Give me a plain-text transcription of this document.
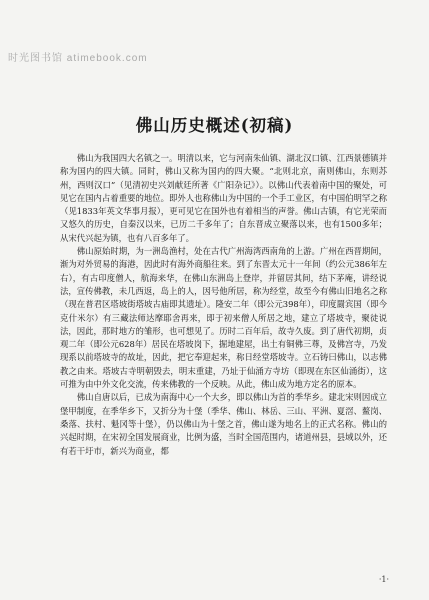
时光图书馆 atimebook.com
佛山历史概述(初稿)

佛山为我国四大名镇之一。明清以来，它与河南朱仙镇、湖北汉口镇、江西景德镇并称为国内的四大镇。同时，佛山又称为国内的四大聚。“北则北京，南则佛山，东则苏州，西则汉口”（见清初史兴刘献廷所著《广阳杂记》）。以佛山代表着南中国的聚处，可见它在国内占着重要的地位。即外人也称佛山为中国的一个手工业区，有中国伯明罕之称（见1833年英文华事月报），更可见它在国外也有着相当的声誉。佛山古镇，有它光荣而又悠久的历史，自秦汉以来，已历二千多年了；自东晋成立聚落以来，也有1500多年；从宋代兴起为镇，也有八百多年了。

佛山原始时期，为一洲岛渔村，处在古代广州海湾西南角的上游。广州在西晋期间，渐为对外贸易的海港，因此时有海外商船往来。到了东晋太元十一年间（约公元386年左右），有古印度僧人，航海来华，在佛山东洲岛上登岸，并留居其间，结下茅庵，讲经说法，宣传佛教，未几西返，岛上的人，因号他所居，称为经堂，故至今有佛山旧地名之称（现在普君区塔坡街塔坡古庙即其遗址）。隆安二年（即公元398年），印度罽宾国（即今克什米尔）有三藏法师达摩耶舍再来，即于初来僧人所居之地，建立了塔坡寺，聚徒说法，因此，那时地方的雏形，也可想见了。历时二百年后，故寺久废。到了唐代初期，贞观二年（即公元628年）居民在塔坡岗下，掘地建屋，出土有铜佛三尊，及佛宫寺，乃发现系以前塔坡寺的故址，因此，把它奉迎起来，称日经堂塔坡寺。立石铸曰佛山，以志佛教之由来。塔坡古寺明朝毁去，明末重建，乃址于仙涌方寺坊（即现在东区仙涌街），这可推为由中外文化交流，传来佛教的一个反映。从此，佛山成为地方定名的原本。

佛山自唐以后，已成为南海中心一个大乡，即以佛山为首的季华乡。建北宋则因成立堡甲制度，在季华乡下，又折分为十堡（季华、佛山、林岳、三山、平洲、夏滘、鳌岗、桑落、扶村、魁冈等十堡），仍以佛山为十堡之首，佛山遂为地名上的正式名称。佛山的兴起时期，在宋初全国发展商业，比例为盛，当时全国范围内，诸道州县，县域以外，还有若干圩市，新兴为商业，都

·1·
